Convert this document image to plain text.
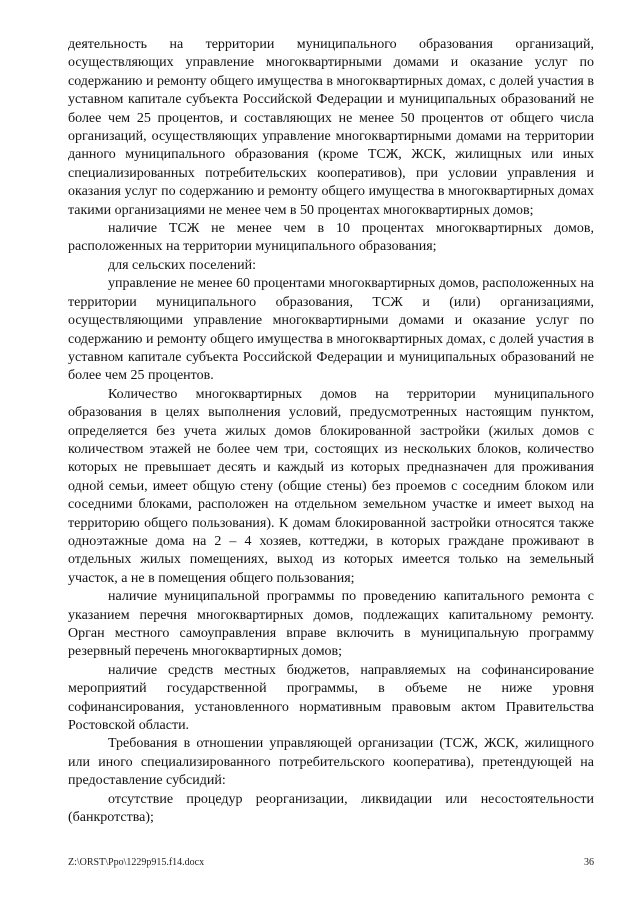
деятельность на территории муниципального образования организаций, осуществляющих управление многоквартирными домами и оказание услуг по содержанию и ремонту общего имущества в многоквартирных домах, с долей участия в уставном капитале субъекта Российской Федерации и муниципальных образований не более чем 25 процентов, и составляющих не менее 50 процентов от общего числа организаций, осуществляющих управление многоквартирными домами на территории данного муниципального образования (кроме ТСЖ, ЖСК, жилищных или иных специализированных потребительских кооперативов), при условии управления и оказания услуг по содержанию и ремонту общего имущества в многоквартирных домах такими организациями не менее чем в 50 процентах многоквартирных домов;

наличие ТСЖ не менее чем в 10 процентах многоквартирных домов, расположенных на территории муниципального образования;

для сельских поселений:

управление не менее 60 процентами многоквартирных домов, расположенных на территории муниципального образования, ТСЖ и (или) организациями, осуществляющими управление многоквартирными домами и оказание услуг по содержанию и ремонту общего имущества в многоквартирных домах, с долей участия в уставном капитале субъекта Российской Федерации и муниципальных образований не более чем 25 процентов.

Количество многоквартирных домов на территории муниципального образования в целях выполнения условий, предусмотренных настоящим пунктом, определяется без учета жилых домов блокированной застройки (жилых домов с количеством этажей не более чем три, состоящих из нескольких блоков, количество которых не превышает десять и каждый из которых предназначен для проживания одной семьи, имеет общую стену (общие стены) без проемов с соседним блоком или соседними блоками, расположен на отдельном земельном участке и имеет выход на территорию общего пользования). К домам блокированной застройки относятся также одноэтажные дома на 2 – 4 хозяев, коттеджи, в которых граждане проживают в отдельных жилых помещениях, выход из которых имеется только на земельный участок, а не в помещения общего пользования;

наличие муниципальной программы по проведению капитального ремонта с указанием перечня многоквартирных домов, подлежащих капитальному ремонту. Орган местного самоуправления вправе включить в муниципальную программу резервный перечень многоквартирных домов;

наличие средств местных бюджетов, направляемых на софинансирование мероприятий государственной программы, в объеме не ниже уровня софинансирования, установленного нормативным правовым актом Правительства Ростовской области.

Требования в отношении управляющей организации (ТСЖ, ЖСК, жилищного или иного специализированного потребительского кооператива), претендующей на предоставление субсидий:

отсутствие процедур реорганизации, ликвидации или несостоятельности (банкротства);

Z:\ORST\Ppo\1229p915.f14.docx	36
